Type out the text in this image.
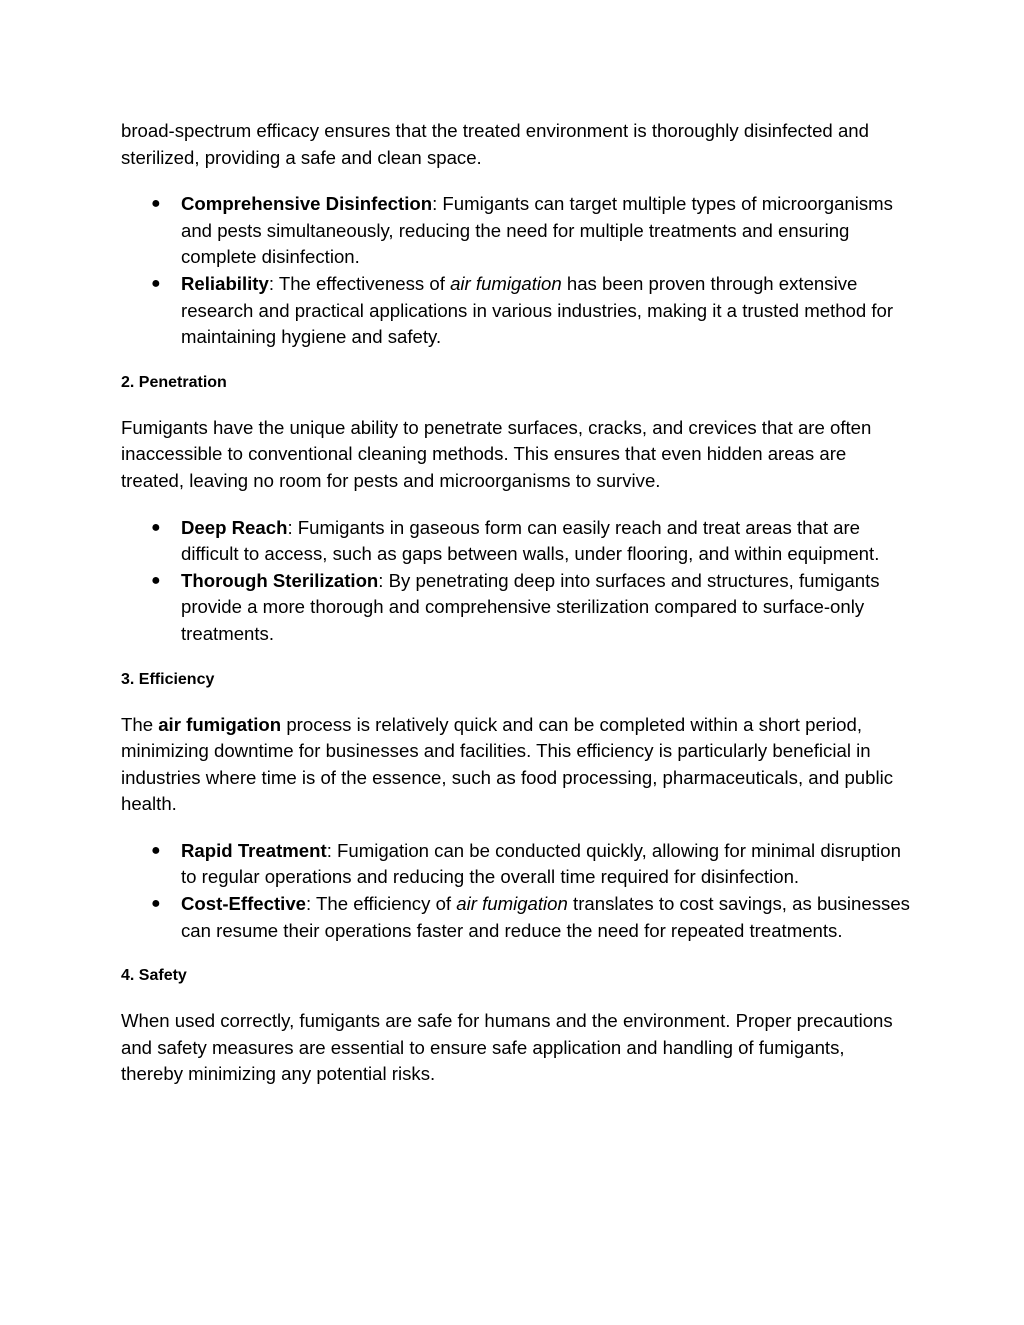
broad-spectrum efficacy ensures that the treated environment is thoroughly disinfected and sterilized, providing a safe and clean space.

● Comprehensive Disinfection: Fumigants can target multiple types of microorganisms and pests simultaneously, reducing the need for multiple treatments and ensuring complete disinfection.
● Reliability: The effectiveness of air fumigation has been proven through extensive research and practical applications in various industries, making it a trusted method for maintaining hygiene and safety.
2. Penetration

Fumigants have the unique ability to penetrate surfaces, cracks, and crevices that are often inaccessible to conventional cleaning methods. This ensures that even hidden areas are treated, leaving no room for pests and microorganisms to survive.

● Deep Reach: Fumigants in gaseous form can easily reach and treat areas that are difficult to access, such as gaps between walls, under flooring, and within equipment.
● Thorough Sterilization: By penetrating deep into surfaces and structures, fumigants provide a more thorough and comprehensive sterilization compared to surface-only treatments.
3. Efficiency

The air fumigation process is relatively quick and can be completed within a short period, minimizing downtime for businesses and facilities. This efficiency is particularly beneficial in industries where time is of the essence, such as food processing, pharmaceuticals, and public health.

● Rapid Treatment: Fumigation can be conducted quickly, allowing for minimal disruption to regular operations and reducing the overall time required for disinfection.
● Cost-Effective: The efficiency of air fumigation translates to cost savings, as businesses can resume their operations faster and reduce the need for repeated treatments.
4. Safety

When used correctly, fumigants are safe for humans and the environment. Proper precautions and safety measures are essential to ensure safe application and handling of fumigants, thereby minimizing any potential risks.
